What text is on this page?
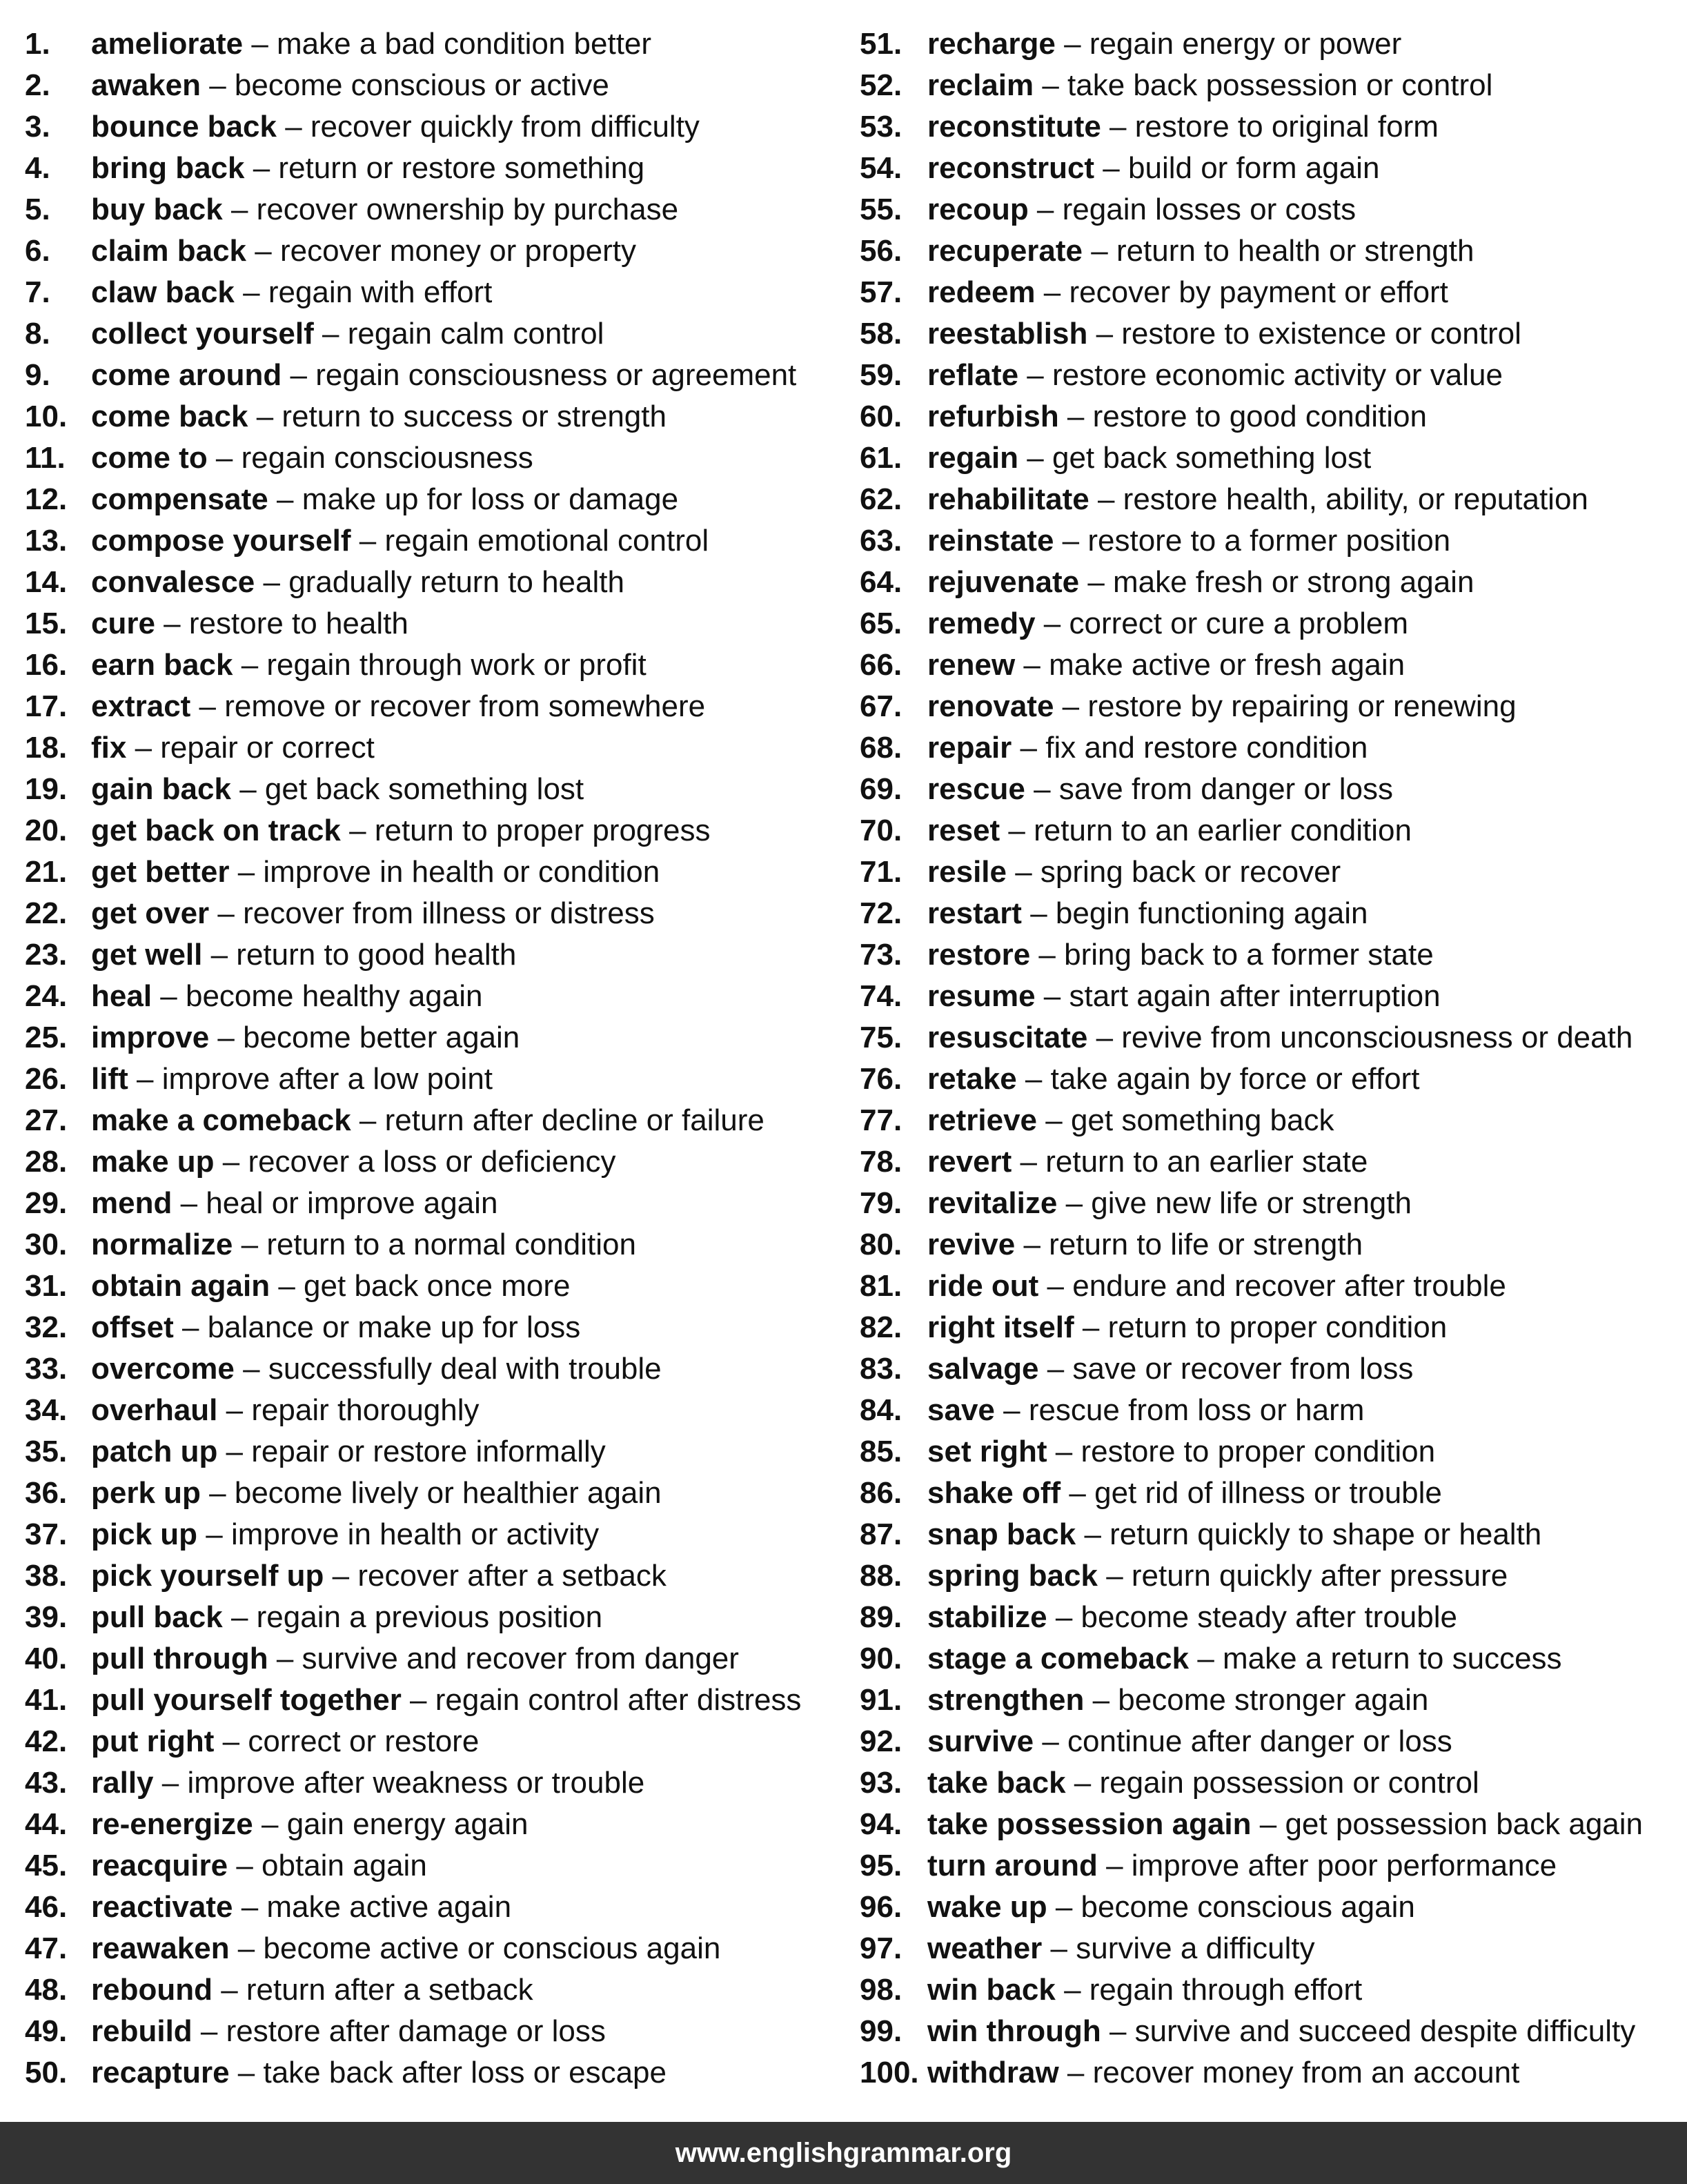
1.	ameliorate – make a bad condition better
2.	awaken – become conscious or active
3.	bounce back – recover quickly from difficulty
4.	bring back – return or restore something
5.	buy back – recover ownership by purchase
6.	claim back – recover money or property
7.	claw back – regain with effort
8.	collect yourself – regain calm control
9.	come around – regain consciousness or agreement
10. come back – return to success or strength
11. come to – regain consciousness
12. compensate – make up for loss or damage
13. compose yourself – regain emotional control
14. convalesce – gradually return to health
15. cure – restore to health
16. earn back – regain through work or profit
17. extract – remove or recover from somewhere
18. fix – repair or correct
19. gain back – get back something lost
20. get back on track – return to proper progress
21. get better – improve in health or condition
22. get over – recover from illness or distress
23. get well – return to good health
24. heal – become healthy again
25. improve – become better again
26. lift – improve after a low point
27. make a comeback – return after decline or failure
28. make up – recover a loss or deficiency
29. mend – heal or improve again
30. normalize – return to a normal condition
31. obtain again – get back once more
32. offset – balance or make up for loss
33. overcome – successfully deal with trouble
34. overhaul – repair thoroughly
35. patch up – repair or restore informally
36. perk up – become lively or healthier again
37. pick up – improve in health or activity
38. pick yourself up – recover after a setback
39. pull back – regain a previous position
40. pull through – survive and recover from danger
41. pull yourself together – regain control after distress
42. put right – correct or restore
43. rally – improve after weakness or trouble
44. re-energize – gain energy again
45. reacquire – obtain again
46. reactivate – make active again
47. reawaken – become active or conscious again
48. rebound – return after a setback
49. rebuild – restore after damage or loss
50. recapture – take back after loss or escape
51. recharge – regain energy or power
52. reclaim – take back possession or control
53. reconstitute – restore to original form
54. reconstruct – build or form again
55. recoup – regain losses or costs
56. recuperate – return to health or strength
57. redeem – recover by payment or effort
58. reestablish – restore to existence or control
59. reflate – restore economic activity or value
60. refurbish – restore to good condition
61. regain – get back something lost
62. rehabilitate – restore health, ability, or reputation
63. reinstate – restore to a former position
64. rejuvenate – make fresh or strong again
65. remedy – correct or cure a problem
66. renew – make active or fresh again
67. renovate – restore by repairing or renewing
68. repair – fix and restore condition
69. rescue – save from danger or loss
70. reset – return to an earlier condition
71. resile – spring back or recover
72. restart – begin functioning again
73. restore – bring back to a former state
74. resume – start again after interruption
75. resuscitate – revive from unconsciousness or death
76. retake – take again by force or effort
77. retrieve – get something back
78. revert – return to an earlier state
79. revitalize – give new life or strength
80. revive – return to life or strength
81. ride out – endure and recover after trouble
82. right itself – return to proper condition
83. salvage – save or recover from loss
84. save – rescue from loss or harm
85. set right – restore to proper condition
86. shake off – get rid of illness or trouble
87. snap back – return quickly to shape or health
88. spring back – return quickly after pressure
89. stabilize – become steady after trouble
90. stage a comeback – make a return to success
91. strengthen – become stronger again
92. survive – continue after danger or loss
93. take back – regain possession or control
94. take possession again – get possession back again
95. turn around – improve after poor performance
96. wake up – become conscious again
97. weather – survive a difficulty
98. win back – regain through effort
99. win through – survive and succeed despite difficulty
100. withdraw – recover money from an account
www.englishgrammar.org
